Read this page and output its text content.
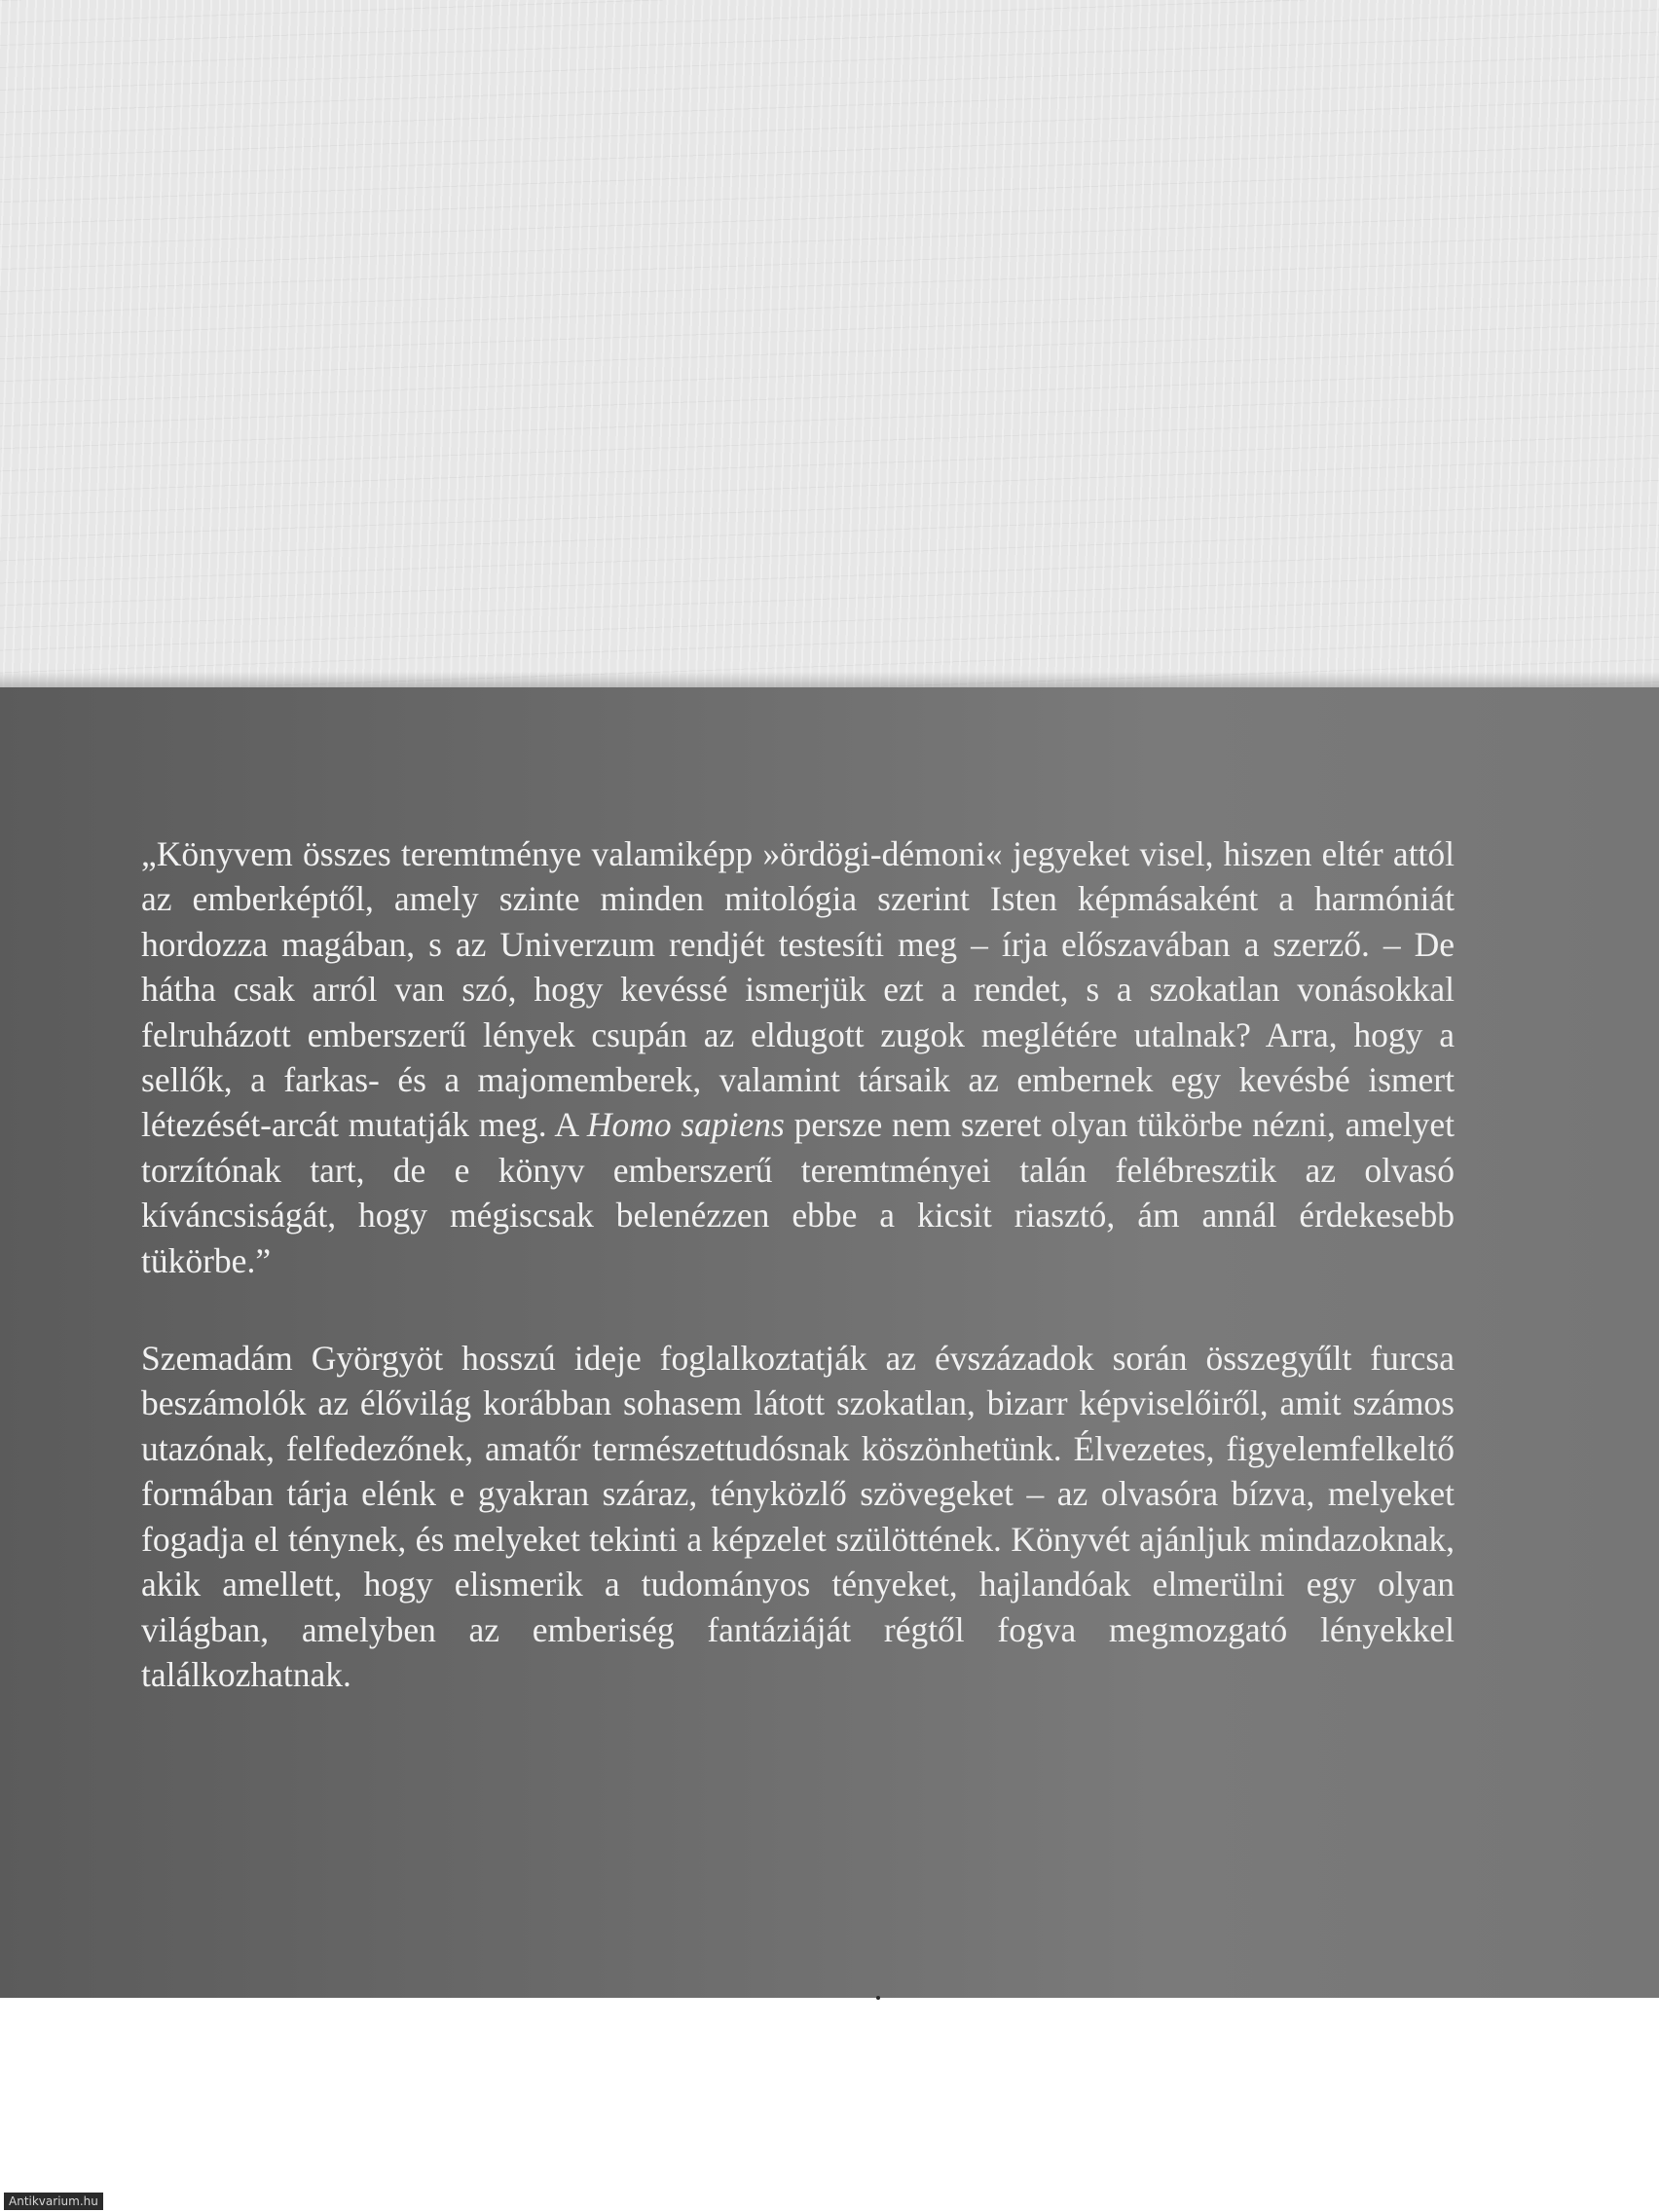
„Könyvem összes teremtménye valamiképp »ördögi-démoni« jegyeket visel, hiszen eltér attól az emberképtől, amely szinte minden mitológia szerint Isten képmásaként a harmóniát hordozza magában, s az Univerzum rendjét testesíti meg – írja előszavában a szerző. – De hátha csak arról van szó, hogy kevéssé ismerjük ezt a rendet, s a szokatlan vonásokkal felruházott emberszerű lények csupán az eldugott zugok meglétére utalnak? Arra, hogy a sellők, a farkas- és a majomemberek, valamint társaik az embernek egy kevésbé ismert létezését-arcát mutatják meg. A Homo sapiens persze nem szeret olyan tükörbe nézni, amelyet torzítónak tart, de e könyv emberszerű teremtményei talán felébresztik az olvasó kíváncsiságát, hogy mégiscsak belenézzen ebbe a kicsit riasztó, ám annál érdekesebb tükörbe.”

Szemadám Györgyöt hosszú ideje foglalkoztatják az évszázadok során összegyűlt furcsa beszámolók az élővilág korábban sohasem látott szokatlan, bizarr képviselőiről, amit számos utazónak, felfedezőnek, amatőr természettudósnak köszönhetünk. Élvezetes, figyelemfelkeltő formában tárja elénk e gyakran száraz, tényközlő szövegeket – az olvasóra bízva, melyeket fogadja el ténynek, és melyeket tekinti a képzelet szülöttének. Könyvét ajánljuk mindazoknak, akik amellett, hogy elismerik a tudományos tényeket, hajlandóak elmerülni egy olyan világban, amelyben az emberiség fantáziáját régtől fogva megmozgató lényekkel találkozhatnak.

Antikvarium.hu
